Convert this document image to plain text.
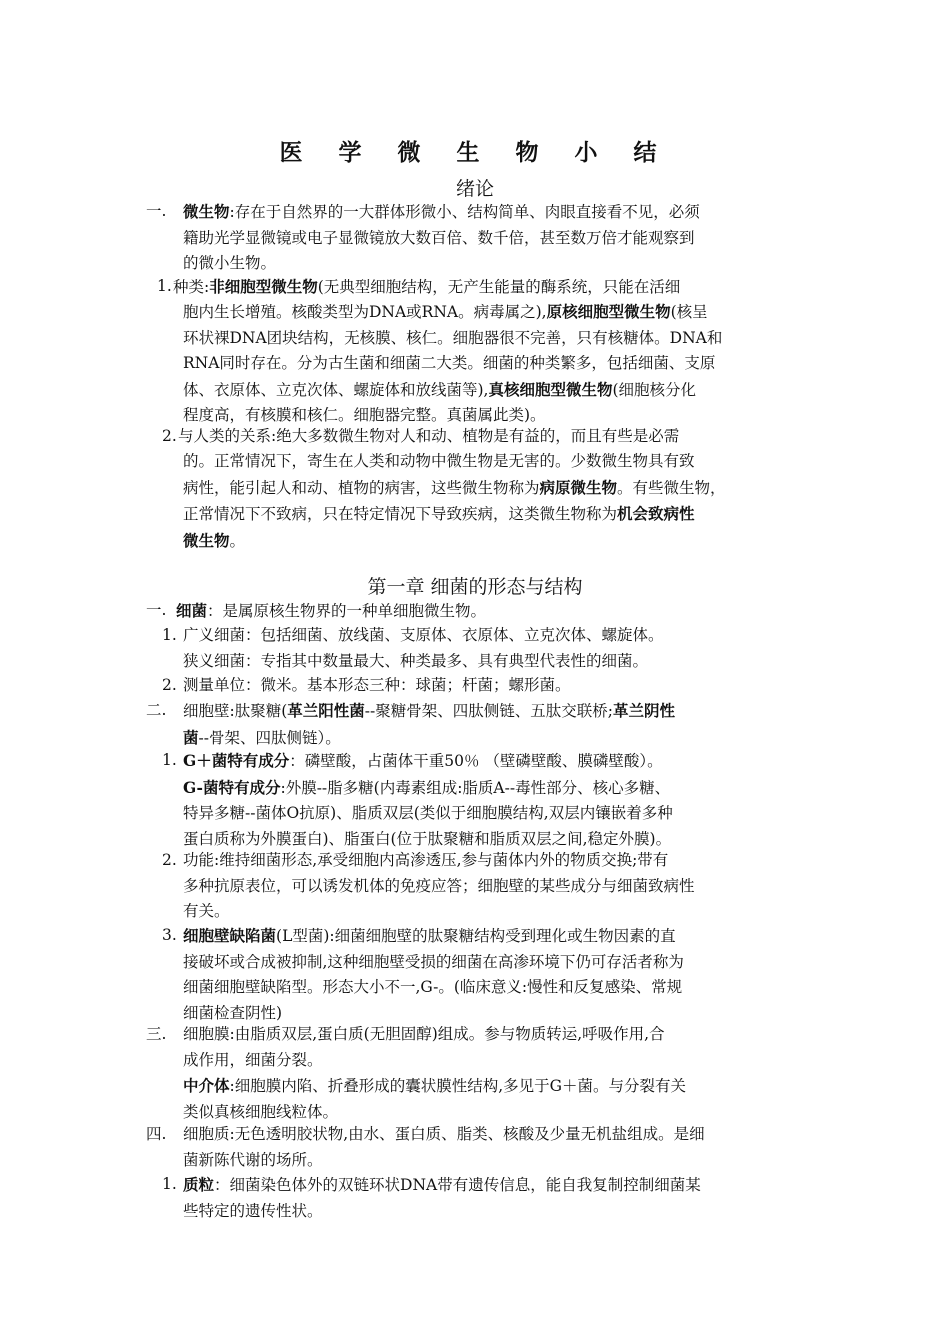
医 学 微 生 物 小 结
绪论
一. 微生物:存在于自然界的一大群体形微小、结构简单、肉眼直接看不见，必须

籍助光学显微镜或电子显微镜放大数百倍、数千倍，甚至数万倍才能观察到

的微小生物。

1. 种类:非细胞型微生物(无典型细胞结构，无产生能量的酶系统，只能在活细

胞内生长增殖。核酸类型为DNA或RNA。病毒属之),原核细胞型微生物(核呈

环状裸DNA团块结构，无核膜、核仁。细胞器很不完善，只有核糖体。DNA和

RNA同时存在。分为古生菌和细菌二大类。细菌的种类繁多，包括细菌、支原

体、衣原体、立克次体、螺旋体和放线菌等),真核细胞型微生物(细胞核分化

程度高，有核膜和核仁。细胞器完整。真菌属此类)。

2. 与人类的关系:绝大多数微生物对人和动、植物是有益的，而且有些是必需

的。正常情况下，寄生在人类和动物中微生物是无害的。少数微生物具有致

病性，能引起人和动、植物的病害，这些微生物称为病原微生物。有些微生物，

正常情况下不致病，只在特定情况下导致疾病，这类微生物称为机会致病性

微生物。

第一章 细菌的形态与结构
一. 细菌：是属原核生物界的一种单细胞微生物。

1. 广义细菌：包括细菌、放线菌、支原体、衣原体、立克次体、螺旋体。

狭义细菌：专指其中数量最大、种类最多、具有典型代表性的细菌。

2. 测量单位：微米。基本形态三种：球菌；杆菌；螺形菌。

二. 细胞壁:肽聚糖(革兰阳性菌--聚糖骨架、四肽侧链、五肽交联桥;革兰阴性

菌--骨架、四肽侧链）。

1. G＋菌特有成分：磷壁酸，占菌体干重50％ （壁磷壁酸、膜磷壁酸）。

G-菌特有成分:外膜--脂多糖(内毒素组成:脂质A--毒性部分、核心多糖、

特异多糖--菌体O抗原)、脂质双层(类似于细胞膜结构,双层内镶嵌着多种

蛋白质称为外膜蛋白)、脂蛋白(位于肽聚糖和脂质双层之间,稳定外膜)。

2. 功能:维持细菌形态,承受细胞内高渗透压,参与菌体内外的物质交换;带有

多种抗原表位，可以诱发机体的免疫应答；细胞壁的某些成分与细菌致病性

有关。

3. 细胞壁缺陷菌(L型菌):细菌细胞壁的肽聚糖结构受到理化或生物因素的直

接破坏或合成被抑制,这种细胞壁受损的细菌在高渗环境下仍可存活者称为

细菌细胞壁缺陷型。形态大小不一,G-。(临床意义:慢性和反复感染、常规

细菌检查阴性)

三. 细胞膜:由脂质双层,蛋白质(无胆固醇)组成。参与物质转运,呼吸作用,合

成作用，细菌分裂。

中介体:细胞膜内陷、折叠形成的囊状膜性结构,多见于G＋菌。与分裂有关

类似真核细胞线粒体。

四. 细胞质:无色透明胶状物,由水、蛋白质、脂类、核酸及少量无机盐组成。是细

菌新陈代谢的场所。

1. 质粒：细菌染色体外的双链环状DNA带有遗传信息，能自我复制控制细菌某

些特定的遗传性状。
